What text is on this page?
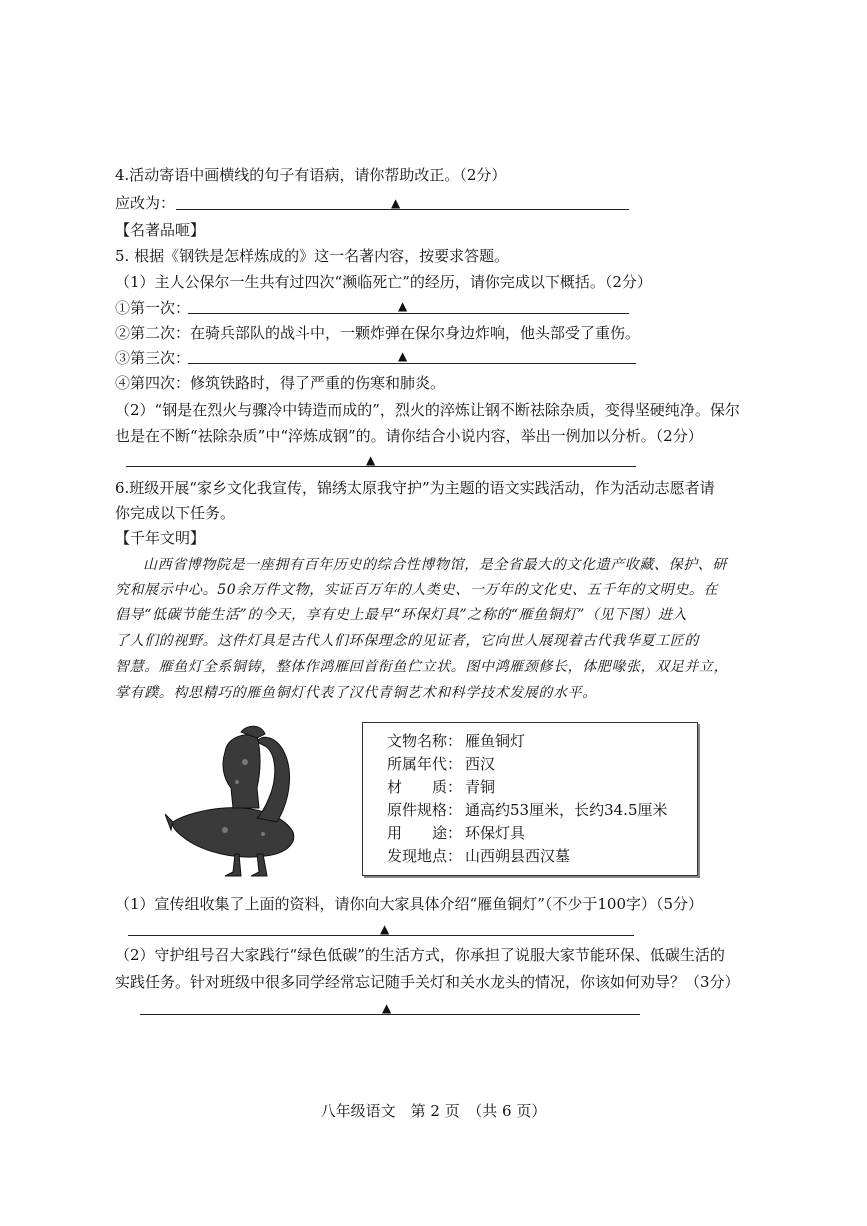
4.活动寄语中画横线的句子有语病，请你帮助改正。（2分）
应改为：	▲
【名著品咂】
5. 根据《钢铁是怎样炼成的》这一名著内容，按要求答题。
（1）主人公保尔一生共有过四次“濒临死亡”的经历，请你完成以下概括。（2分）
①第一次：	▲
②第二次：在骑兵部队的战斗中，一颗炸弹在保尔身边炸响，他头部受了重伤。
③第三次：	▲
④第四次：修筑铁路时，得了严重的伤寒和肺炎。
（2）“钢是在烈火与骤冷中铸造而成的”，烈火的淬炼让钢不断祛除杂质，变得坚硬纯净。保尔
也是在不断“祛除杂质”中“淬炼成钢”的。请你结合小说内容，举出一例加以分析。（2分）
▲
6.班级开展“家乡文化我宣传，锦绣太原我守护”为主题的语文实践活动，作为活动志愿者请
你完成以下任务。
【千年文明】
山西省博物院是一座拥有百年历史的综合性博物馆，是全省最大的文化遗产收藏、保护、研
究和展示中心。50余万件文物，实证百万年的人类史、一万年的文化史、五千年的文明史。在
倡导“低碳节能生活”的今天，享有史上最早“环保灯具”之称的“雁鱼铜灯”（见下图）进入
了人们的视野。这件灯具是古代人们环保理念的见证者，它向世人展现着古代我华夏工匠的
智慧。雁鱼灯全系铜铸，整体作鸿雁回首衔鱼伫立状。图中鸿雁颈修长，体肥喙张，双足并立，
掌有蹼。构思精巧的雁鱼铜灯代表了汉代青铜艺术和科学技术发展的水平。
文物名称： 雁鱼铜灯
所属年代： 西汉
材　　质： 青铜
原件规格： 通高约53厘米，长约34.5厘米
用　　途： 环保灯具
发现地点： 山西朔县西汉墓
（1）宣传组收集了上面的资料，请你向大家具体介绍“雁鱼铜灯”（不少于100字）（5分）
▲
（2）守护组号召大家践行“绿色低碳”的生活方式，你承担了说服大家节能环保、低碳生活的
实践任务。针对班级中很多同学经常忘记随手关灯和关水龙头的情况，你该如何劝导？（3分）
▲
八年级语文　第 2 页　（共 6 页）
